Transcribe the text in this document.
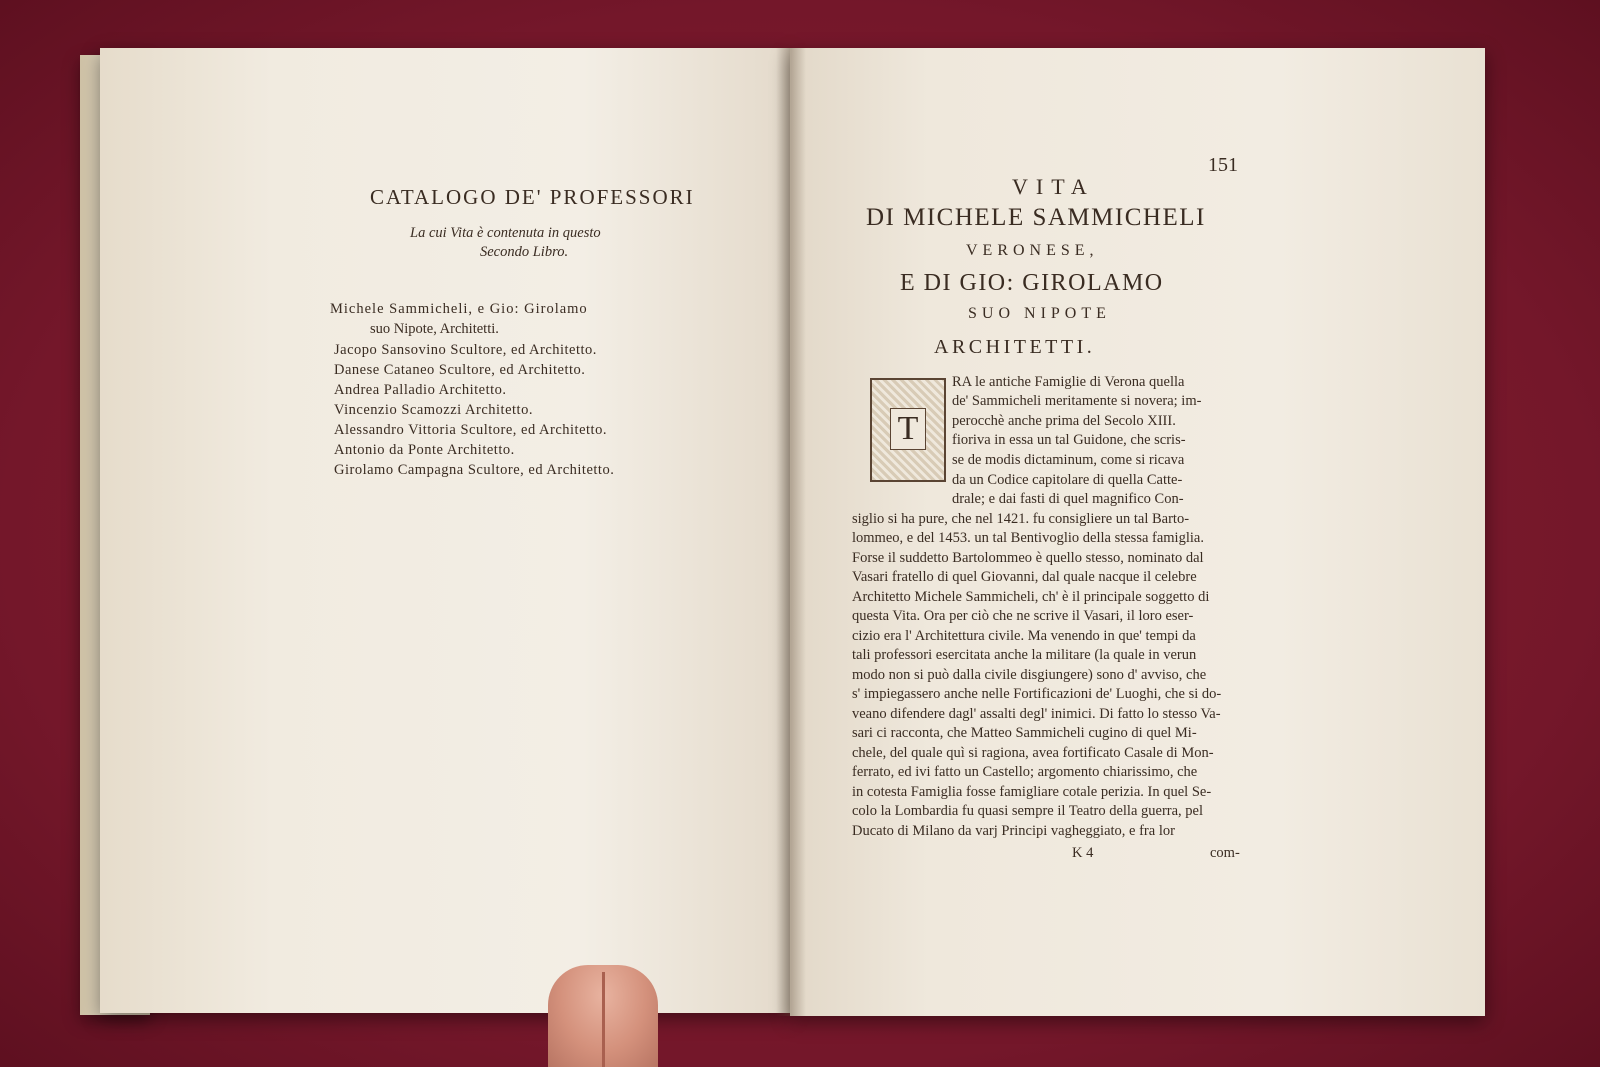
CATALOGO DE' PROFESSORI
La cui Vita è contenuta in questo
Secondo Libro.
Michele Sammicheli, e Gio: Girolamo
suo Nipote, Architetti.
Jacopo Sansovino Scultore, ed Architetto.
Danese Cataneo Scultore, ed Architetto.
Andrea Palladio Architetto.
Vincenzio Scamozzi Architetto.
Alessandro Vittoria Scultore, ed Architetto.
Antonio da Ponte Architetto.
Girolamo Campagna Scultore, ed Architetto.
151
VITA
DI MICHELE SAMMICHELI
VERONESE,
E DI GIO: GIROLAMO
SUO NIPOTE
ARCHITETTI.
T
RA le antiche Famiglie di Verona quella
de' Sammicheli meritamente si novera; im-
perocchè anche prima del Secolo XIII.
fioriva in essa un tal Guidone, che scris-
se de modis dictaminum, come si ricava
da un Codice capitolare di quella Catte-
drale; e dai fasti di quel magnifico Con-
siglio si ha pure, che nel 1421. fu consigliere un tal Barto-
lommeo, e del 1453. un tal Bentivoglio della stessa famiglia.
Forse il suddetto Bartolommeo è quello stesso, nominato dal
Vasari fratello di quel Giovanni, dal quale nacque il celebre
Architetto Michele Sammicheli, ch' è il principale soggetto di
questa Vita. Ora per ciò che ne scrive il Vasari, il loro eser-
cizio era l' Architettura civile. Ma venendo in que' tempi da
tali professori esercitata anche la militare (la quale in verun
modo non si può dalla civile disgiungere) sono d' avviso, che
s' impiegassero anche nelle Fortificazioni de' Luoghi, che si do-
veano difendere dagl' assalti degl' inimici. Di fatto lo stesso Va-
sari ci racconta, che Matteo Sammicheli cugino di quel Mi-
chele, del quale quì si ragiona, avea fortificato Casale di Mon-
ferrato, ed ivi fatto un Castello; argomento chiarissimo, che
in cotesta Famiglia fosse famigliare cotale perizia. In quel Se-
colo la Lombardia fu quasi sempre il Teatro della guerra, pel
Ducato di Milano da varj Principi vagheggiato, e fra lor
K 4	com-
